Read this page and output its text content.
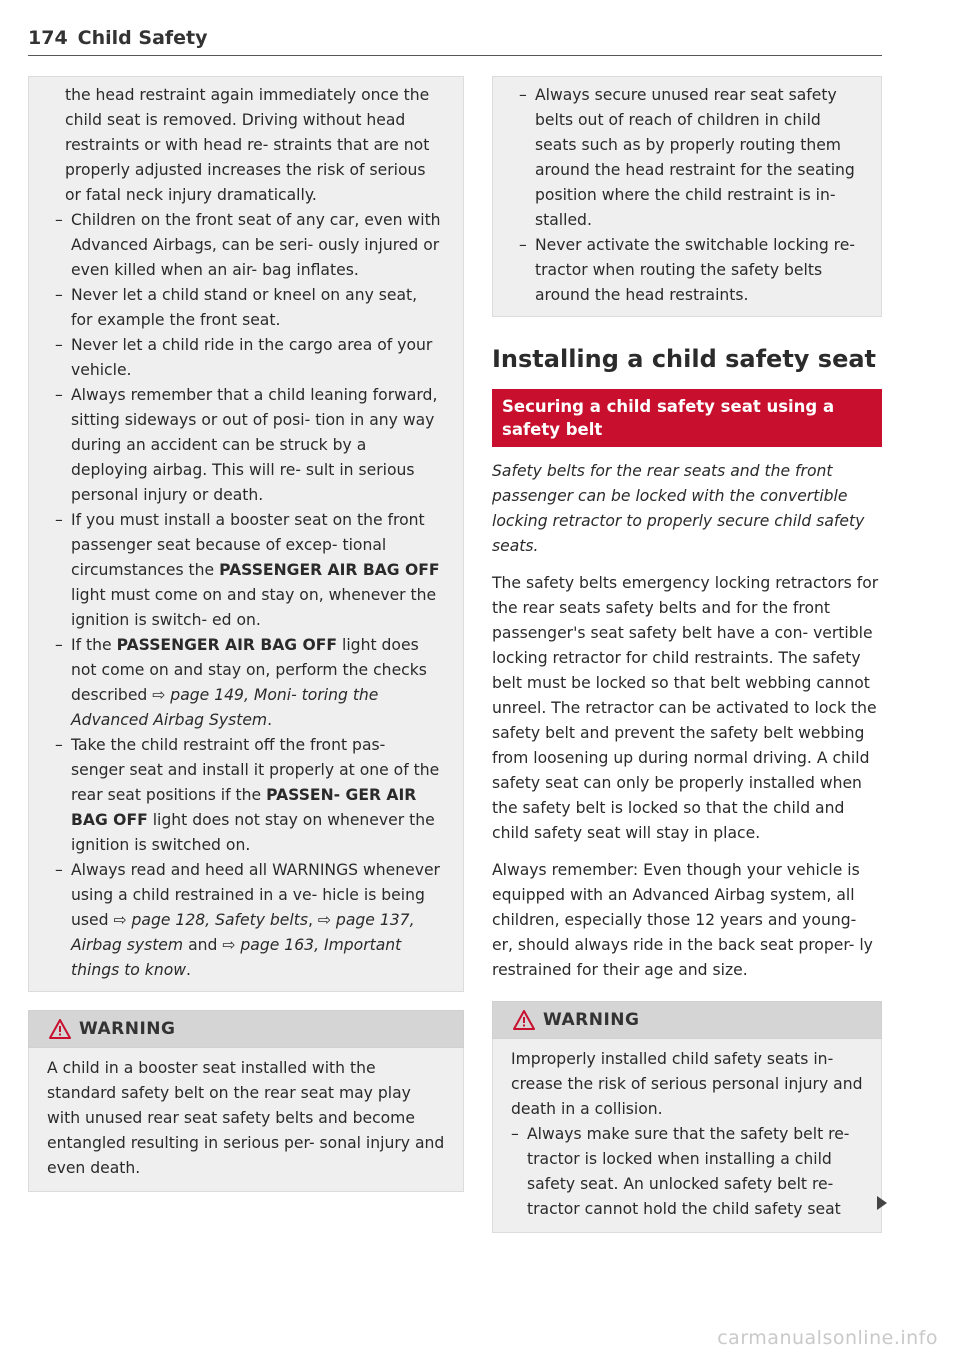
174 Child Safety

the head restraint again immediately once the child seat is removed. Driving without head restraints or with head re- straints that are not properly adjusted increases the risk of serious or fatal neck injury dramatically.

– Children on the front seat of any car, even with Advanced Airbags, can be seri- ously injured or even killed when an air- bag inflates.
– Never let a child stand or kneel on any seat, for example the front seat.
– Never let a child ride in the cargo area of your vehicle.
– Always remember that a child leaning forward, sitting sideways or out of posi- tion in any way during an accident can be struck by a deploying airbag. This will re- sult in serious personal injury or death.
– If you must install a booster seat on the front passenger seat because of excep- tional circumstances the PASSENGER AIR BAG OFF light must come on and stay on, whenever the ignition is switch- ed on.
– If the PASSENGER AIR BAG OFF light does not come on and stay on, perform the checks described ⇨ page 149, Moni- toring the Advanced Airbag System.
– Take the child restraint off the front pas- senger seat and install it properly at one of the rear seat positions if the PASSEN- GER AIR BAG OFF light does not stay on whenever the ignition is switched on.
– Always read and heed all WARNINGS whenever using a child restrained in a ve- hicle is being used ⇨ page 128, Safety belts, ⇨ page 137, Airbag system and ⇨ page 163, Important things to know.
WARNING

A child in a booster seat installed with the standard safety belt on the rear seat may play with unused rear seat safety belts and become entangled resulting in serious per- sonal injury and even death.

– Always secure unused rear seat safety belts out of reach of children in child seats such as by properly routing them around the head restraint for the seating position where the child restraint is in- stalled.
– Never activate the switchable locking re- tractor when routing the safety belts around the head restraints.
Installing a child safety seat
Securing a child safety seat using a safety belt

Safety belts for the rear seats and the front passenger can be locked with the convertible locking retractor to properly secure child safety seats.

The safety belts emergency locking retractors for the rear seats safety belts and for the front passenger's seat safety belt have a con- vertible locking retractor for child restraints. The safety belt must be locked so that belt webbing cannot unreel. The retractor can be activated to lock the safety belt and prevent the safety belt webbing from loosening up during normal driving. A child safety seat can only be properly installed when the safety belt is locked so that the child and child safety seat will stay in place.

Always remember: Even though your vehicle is equipped with an Advanced Airbag system, all children, especially those 12 years and young- er, should always ride in the back seat proper- ly restrained for their age and size.

WARNING

Improperly installed child safety seats in- crease the risk of serious personal injury and death in a collision.

– Always make sure that the safety belt re- tractor is locked when installing a child safety seat. An unlocked safety belt re- tractor cannot hold the child safety seat
carmanualsonline.info
